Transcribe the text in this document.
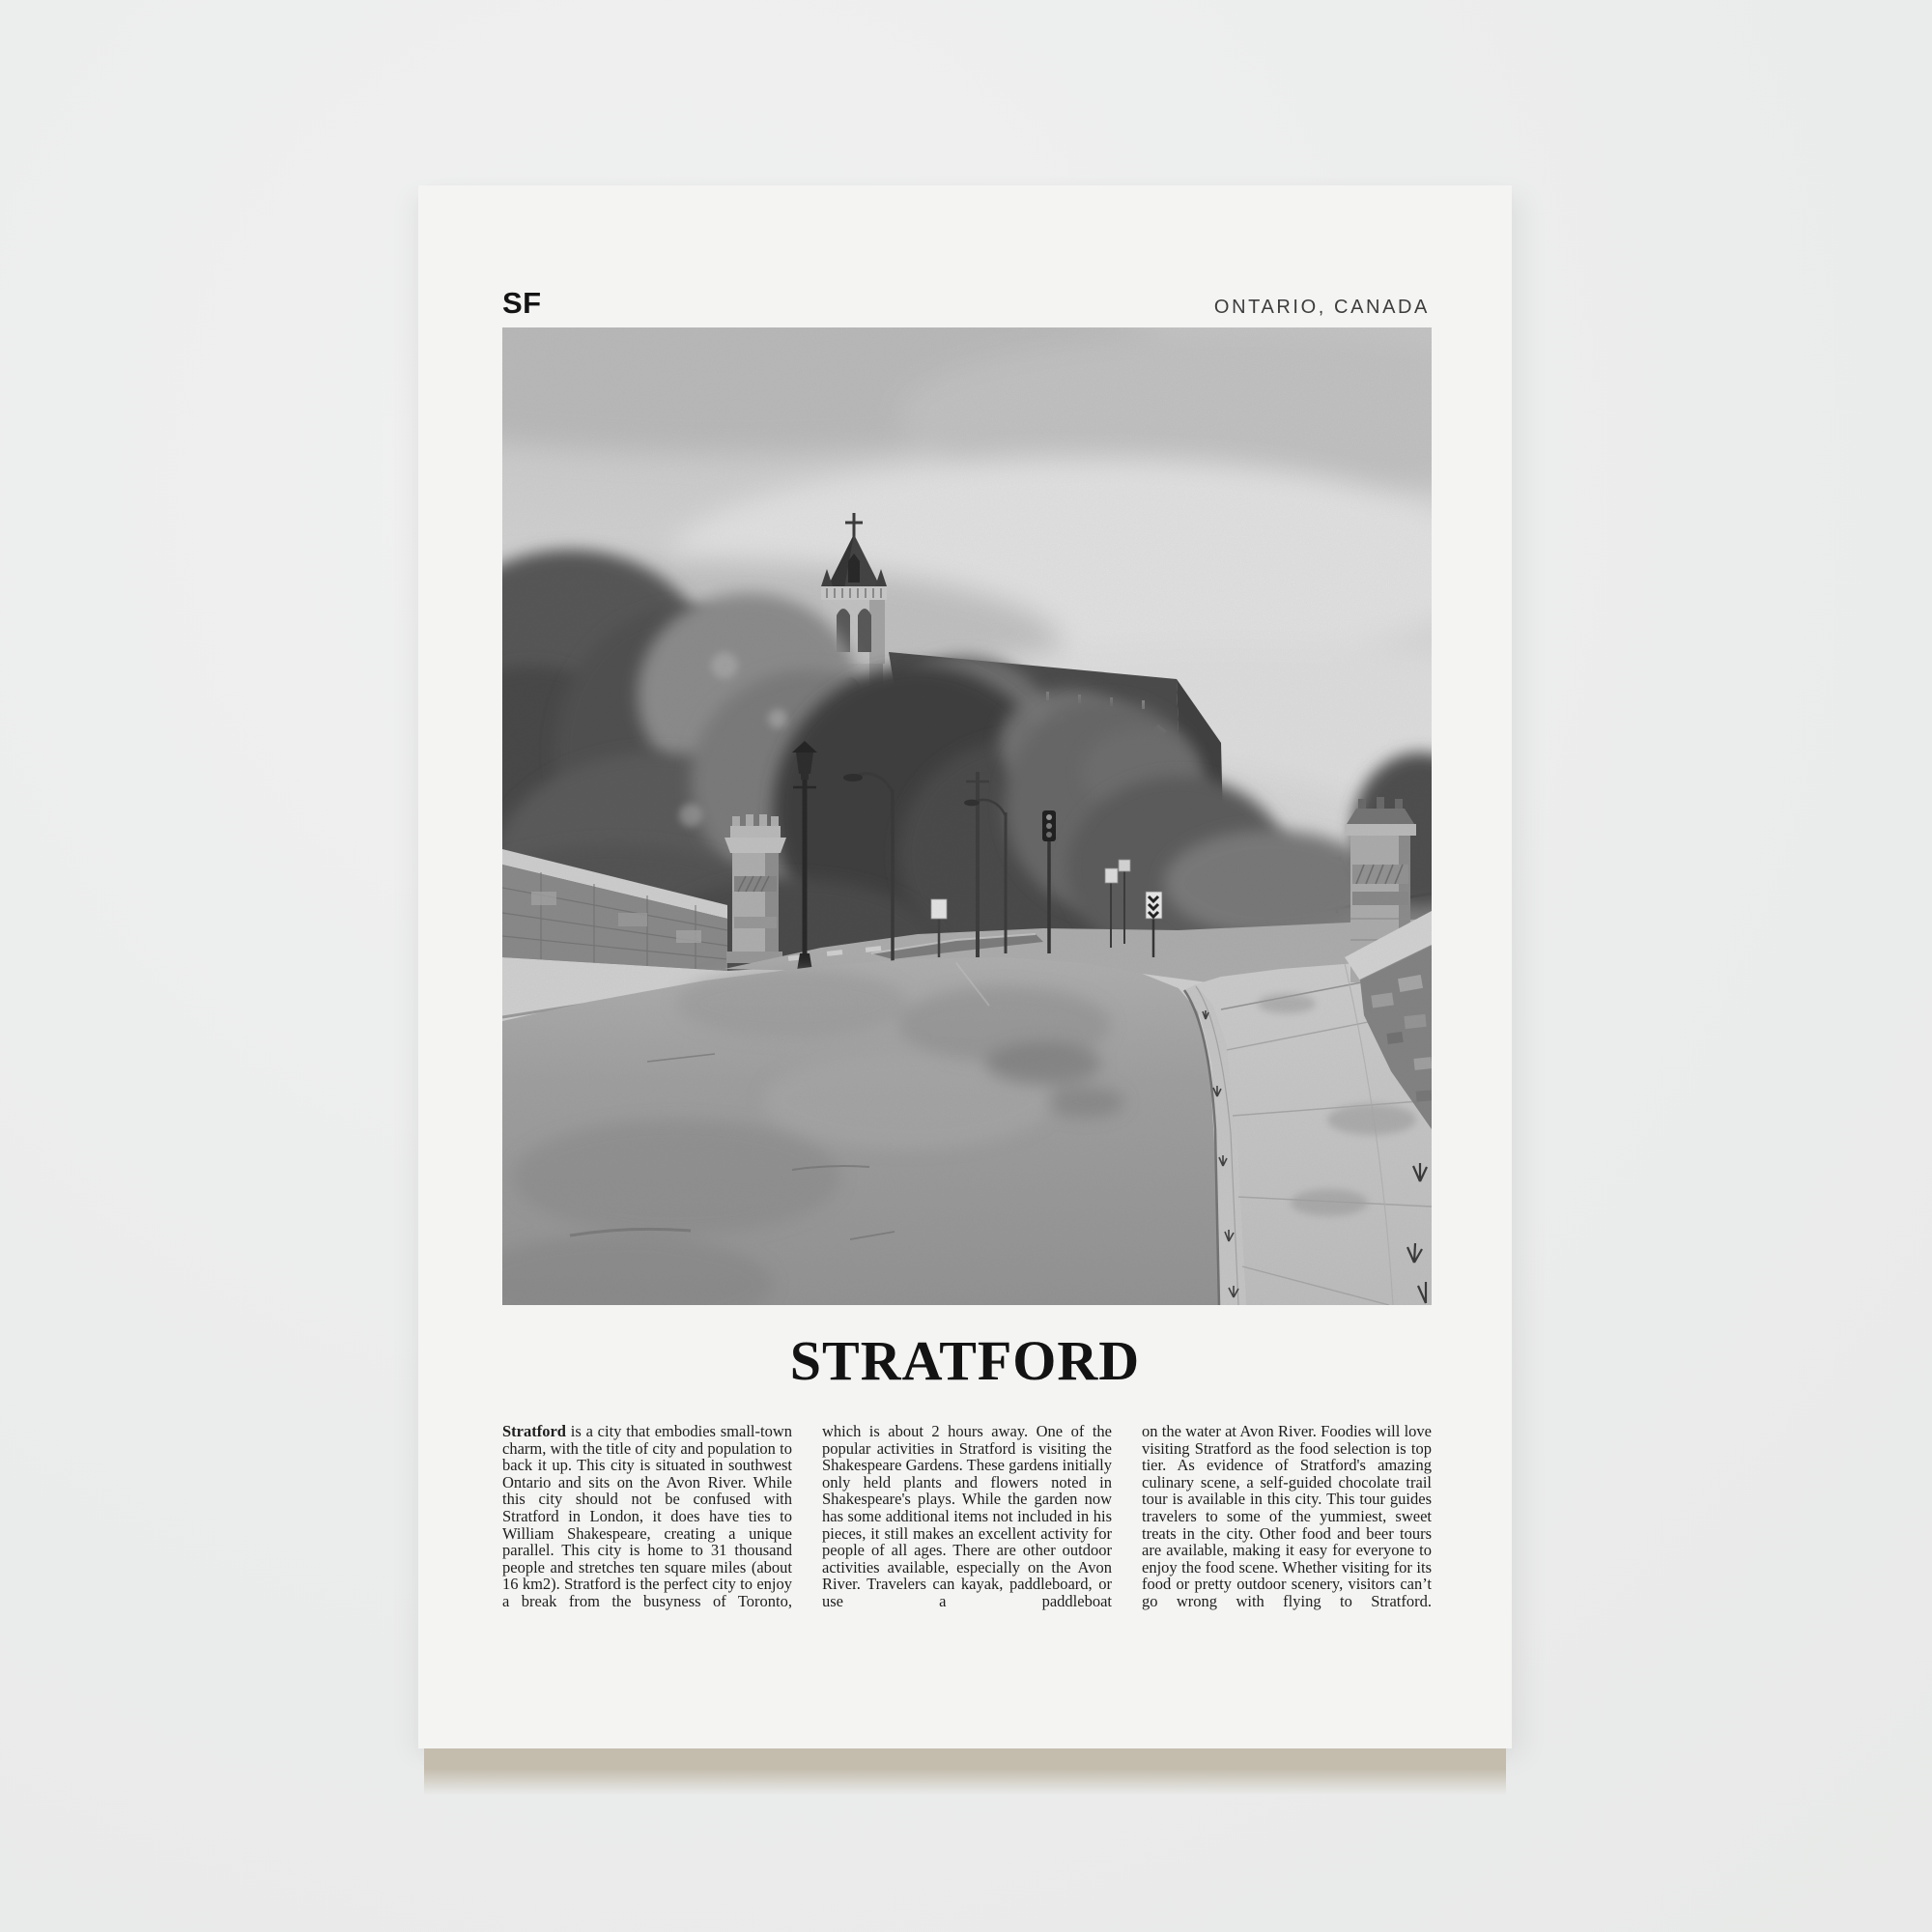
SF	ONTARIO, CANADA
STRATFORD
Stratford is a city that embodies small-town charm, with the title of city and population to back it up. This city is situated in southwest Ontario and sits on the Avon River. While this city should not be confused with Stratford in London, it does have ties to William Shakespeare, creating a unique parallel. This city is home to 31 thousand people and stretches ten square miles (about 16 km2). Stratford is the perfect city to enjoy a break from the busyness of Toronto,
which is about 2 hours away. One of the popular activities in Stratford is visiting the Shakespeare Gardens. These gardens initially only held plants and flowers noted in Shakespeare's plays. While the garden now has some additional items not included in his pieces, it still makes an excellent activity for people of all ages. There are other outdoor activities available, especially on the Avon River. Travelers can kayak, paddleboard, or use a paddleboat
on the water at Avon River. Foodies will love visiting Stratford as the food selection is top tier. As evidence of Stratford's amazing culinary scene, a self-guided chocolate trail tour is available in this city. This tour guides travelers to some of the yummiest, sweet treats in the city. Other food and beer tours are available, making it easy for everyone to enjoy the food scene. Whether visiting for its food or pretty outdoor scenery, visitors can’t go wrong with flying to Stratford.
